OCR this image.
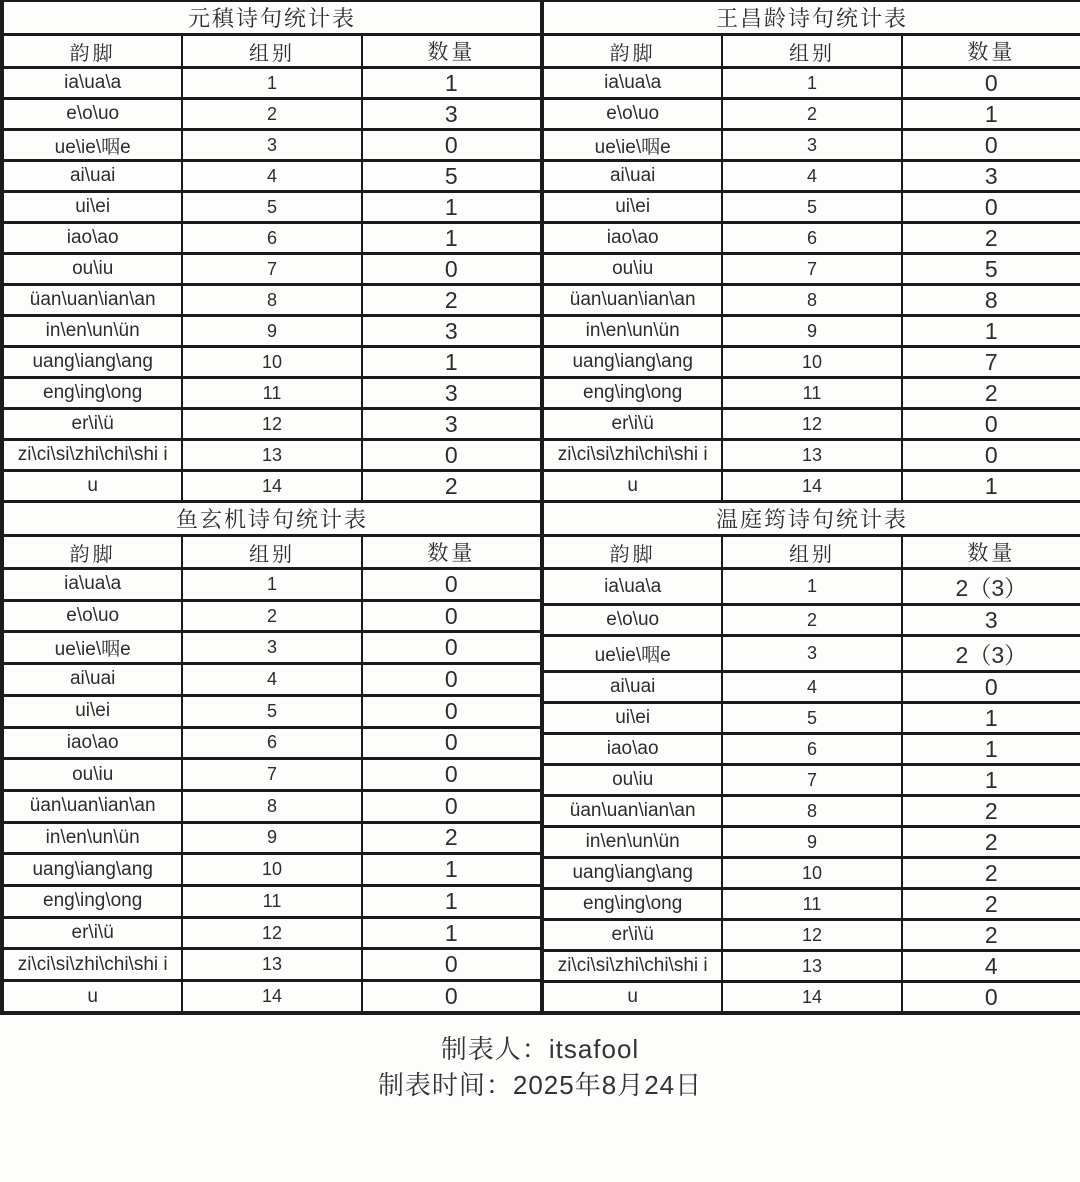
元稹诗句统计表		
韵脚	组别	数量
ia\ua\a	1	1
e\o\uo	2	3
ue\ie\咽e	3	0
ai\uai	4	5
ui\ei	5	1
iao\ao	6	1
ou\iu	7	0
üan\uan\ian\an	8	2
in\en\un\ün	9	3
uang\iang\ang	10	1
eng\ing\ong	11	3
er\i\ü	12	3
zi\ci\si\zhi\chi\shi i	13	0
u	14	2
王昌龄诗句统计表		
韵脚	组别	数量
ia\ua\a	1	0
e\o\uo	2	1
ue\ie\咽e	3	0
ai\uai	4	3
ui\ei	5	0
iao\ao	6	2
ou\iu	7	5
üan\uan\ian\an	8	8
in\en\un\ün	9	1
uang\iang\ang	10	7
eng\ing\ong	11	2
er\i\ü	12	0
zi\ci\si\zhi\chi\shi i	13	0
u	14	1
鱼玄机诗句统计表		
韵脚	组别	数量
ia\ua\a	1	0
e\o\uo	2	0
ue\ie\咽e	3	0
ai\uai	4	0
ui\ei	5	0
iao\ao	6	0
ou\iu	7	0
üan\uan\ian\an	8	0
in\en\un\ün	9	2
uang\iang\ang	10	1
eng\ing\ong	11	1
er\i\ü	12	1
zi\ci\si\zhi\chi\shi i	13	0
u	14	0
温庭筠诗句统计表		
韵脚	组别	数量
ia\ua\a	1	2（3）
e\o\uo	2	3
ue\ie\咽e	3	2（3）
ai\uai	4	0
ui\ei	5	1
iao\ao	6	1
ou\iu	7	1
üan\uan\ian\an	8	2
in\en\un\ün	9	2
uang\iang\ang	10	2
eng\ing\ong	11	2
er\i\ü	12	2
zi\ci\si\zhi\chi\shi i	13	4
u	14	0
制表人：itsafool
制表时间：2025年8月24日
